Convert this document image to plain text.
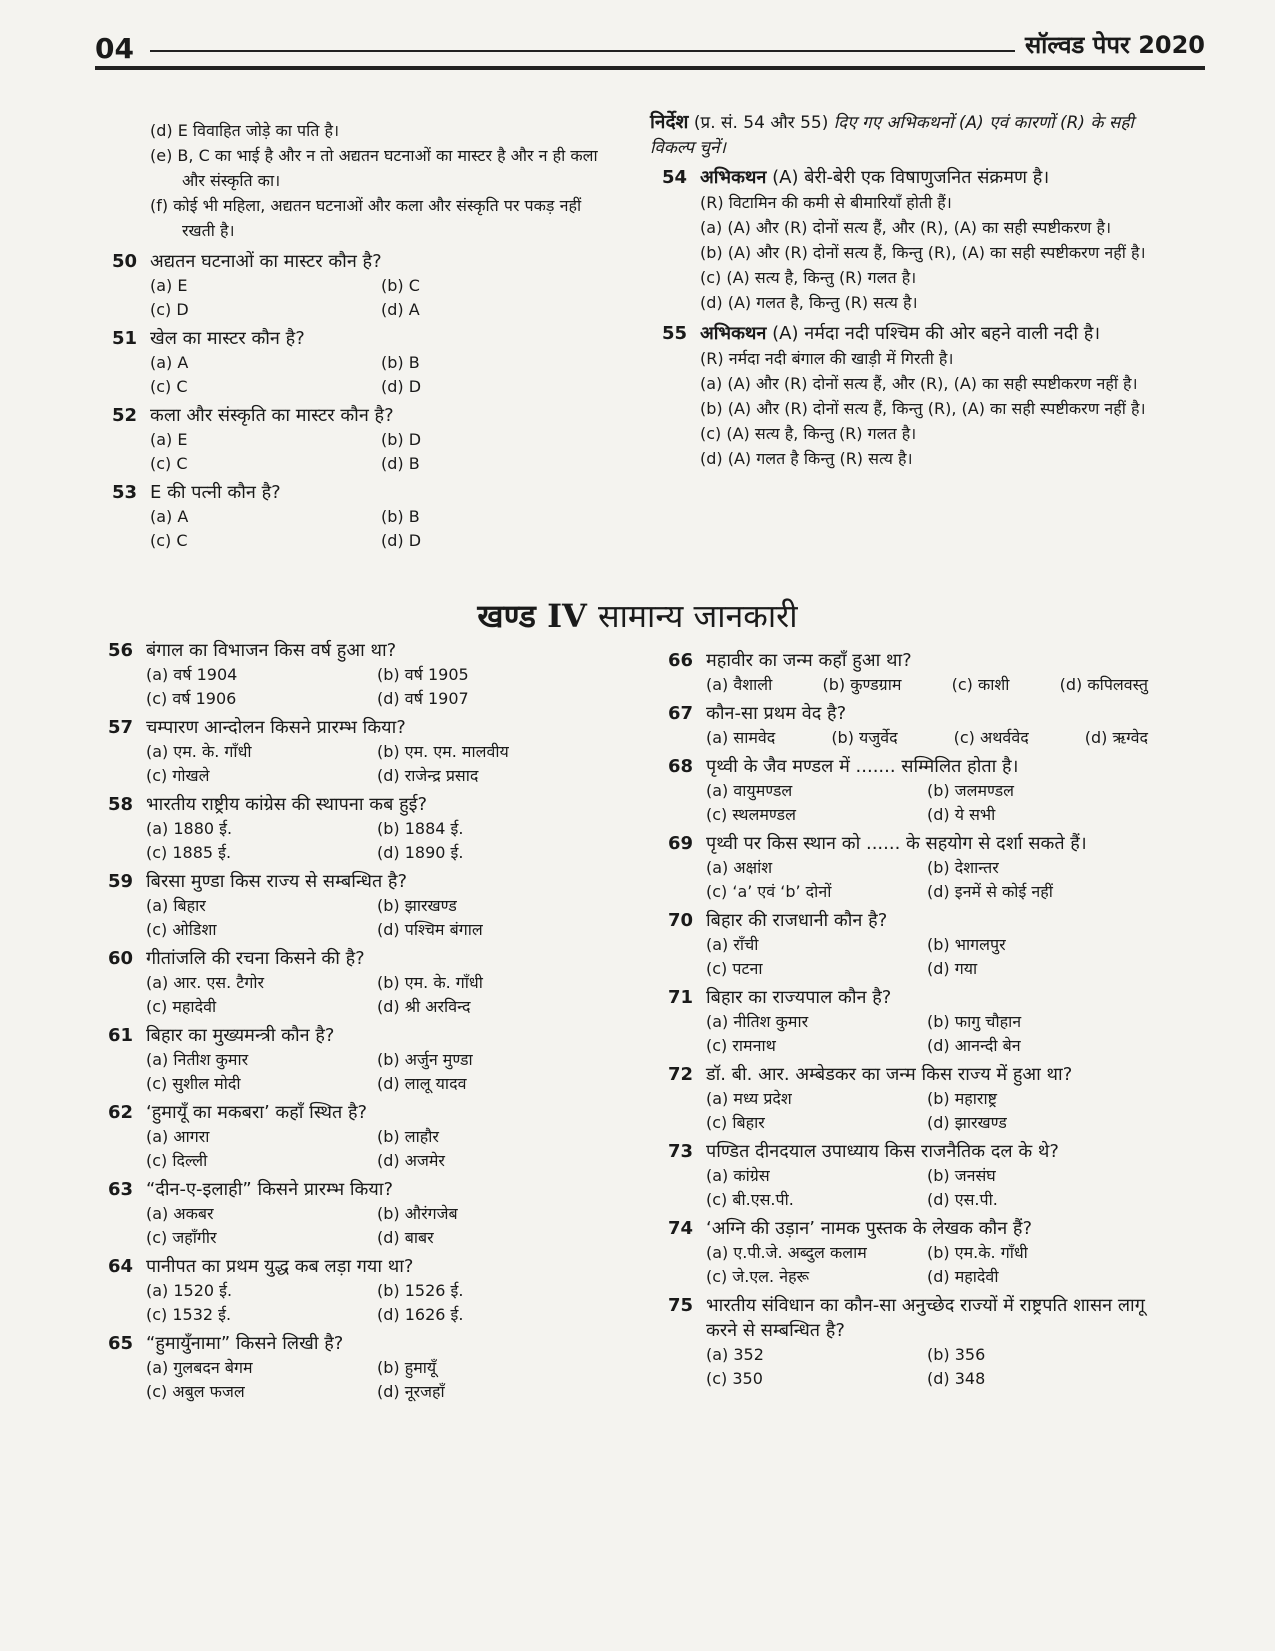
04	सॉल्वड पेपर 2020
(d) E विवाहित जोड़े का पति है।
(e) B, C का भाई है और न तो अद्यतन घटनाओं का मास्टर है और न ही कला और संस्कृति का।
(f) कोई भी महिला, अद्यतन घटनाओं और कला और संस्कृति पर पकड़ नहीं रखती है।
50 अद्यतन घटनाओं का मास्टर कौन है?
(a) E	(b) C
(c) D	(d) A
51 खेल का मास्टर कौन है?
(a) A	(b) B
(c) C	(d) D
52 कला और संस्कृति का मास्टर कौन है?
(a) E	(b) D
(c) C	(d) B
53 E की पत्नी कौन है?
(a) A	(b) B
(c) C	(d) D
निर्देश (प्र. सं. 54 और 55) दिए गए अभिकथनों (A) एवं कारणों (R) के सही विकल्प चुनें।
54 अभिकथन (A) बेरी-बेरी एक विषाणुजनित संक्रमण है।
(R) विटामिन की कमी से बीमारियाँ होती हैं।
(a) (A) और (R) दोनों सत्य हैं, और (R), (A) का सही स्पष्टीकरण है।
(b) (A) और (R) दोनों सत्य हैं, किन्तु (R), (A) का सही स्पष्टीकरण नहीं है।
(c) (A) सत्य है, किन्तु (R) गलत है।
(d) (A) गलत है, किन्तु (R) सत्य है।
55 अभिकथन (A) नर्मदा नदी पश्चिम की ओर बहने वाली नदी है।
(R) नर्मदा नदी बंगाल की खाड़ी में गिरती है।
(a) (A) और (R) दोनों सत्य हैं, और (R), (A) का सही स्पष्टीकरण नहीं है।
(b) (A) और (R) दोनों सत्य हैं, किन्तु (R), (A) का सही स्पष्टीकरण नहीं है।
(c) (A) सत्य है, किन्तु (R) गलत है।
(d) (A) गलत है किन्तु (R) सत्य है।
खण्ड IV सामान्य जानकारी
56 बंगाल का विभाजन किस वर्ष हुआ था?
(a) वर्ष 1904	(b) वर्ष 1905
(c) वर्ष 1906	(d) वर्ष 1907
57 चम्पारण आन्दोलन किसने प्रारम्भ किया?
(a) एम. के. गाँधी	(b) एम. एम. मालवीय
(c) गोखले	(d) राजेन्द्र प्रसाद
58 भारतीय राष्ट्रीय कांग्रेस की स्थापना कब हुई?
(a) 1880 ई.	(b) 1884 ई.
(c) 1885 ई.	(d) 1890 ई.
59 बिरसा मुण्डा किस राज्य से सम्बन्धित है?
(a) बिहार	(b) झारखण्ड
(c) ओडिशा	(d) पश्चिम बंगाल
60 गीतांजलि की रचना किसने की है?
(a) आर. एस. टैगोर	(b) एम. के. गाँधी
(c) महादेवी	(d) श्री अरविन्द
61 बिहार का मुख्यमन्त्री कौन है?
(a) नितीश कुमार	(b) अर्जुन मुण्डा
(c) सुशील मोदी	(d) लालू यादव
62 ‘हुमायूँ का मकबरा’ कहाँ स्थित है?
(a) आगरा	(b) लाहौर
(c) दिल्ली	(d) अजमेर
63 “दीन-ए-इलाही” किसने प्रारम्भ किया?
(a) अकबर	(b) औरंगजेब
(c) जहाँगीर	(d) बाबर
64 पानीपत का प्रथम युद्ध कब लड़ा गया था?
(a) 1520 ई.	(b) 1526 ई.
(c) 1532 ई.	(d) 1626 ई.
65 “हुमायुँनामा” किसने लिखी है?
(a) गुलबदन बेगम	(b) हुमायूँ
(c) अबुल फजल	(d) नूरजहाँ
66 महावीर का जन्म कहाँ हुआ था?
(a) वैशाली	(b) कुण्डग्राम	(c) काशी	(d) कपिलवस्तु
67 कौन-सा प्रथम वेद है?
(a) सामवेद	(b) यजुर्वेद	(c) अथर्ववेद	(d) ऋग्वेद
68 पृथ्वी के जैव मण्डल में ....... सम्मिलित होता है।
(a) वायुमण्डल	(b) जलमण्डल
(c) स्थलमण्डल	(d) ये सभी
69 पृथ्वी पर किस स्थान को ...... के सहयोग से दर्शा सकते हैं।
(a) अक्षांश	(b) देशान्तर
(c) ‘a’ एवं ‘b’ दोनों	(d) इनमें से कोई नहीं
70 बिहार की राजधानी कौन है?
(a) राँची	(b) भागलपुर
(c) पटना	(d) गया
71 बिहार का राज्यपाल कौन है?
(a) नीतिश कुमार	(b) फागु चौहान
(c) रामनाथ	(d) आनन्दी बेन
72 डॉ. बी. आर. अम्बेडकर का जन्म किस राज्य में हुआ था?
(a) मध्य प्रदेश	(b) महाराष्ट्र
(c) बिहार	(d) झारखण्ड
73 पण्डित दीनदयाल उपाध्याय किस राजनैतिक दल के थे?
(a) कांग्रेस	(b) जनसंघ
(c) बी.एस.पी.	(d) एस.पी.
74 ‘अग्नि की उड़ान’ नामक पुस्तक के लेखक कौन हैं?
(a) ए.पी.जे. अब्दुल कलाम	(b) एम.के. गाँधी
(c) जे.एल. नेहरू	(d) महादेवी
75 भारतीय संविधान का कौन-सा अनुच्छेद राज्यों में राष्ट्रपति शासन लागू करने से सम्बन्धित है?
(a) 352	(b) 356
(c) 350	(d) 348
